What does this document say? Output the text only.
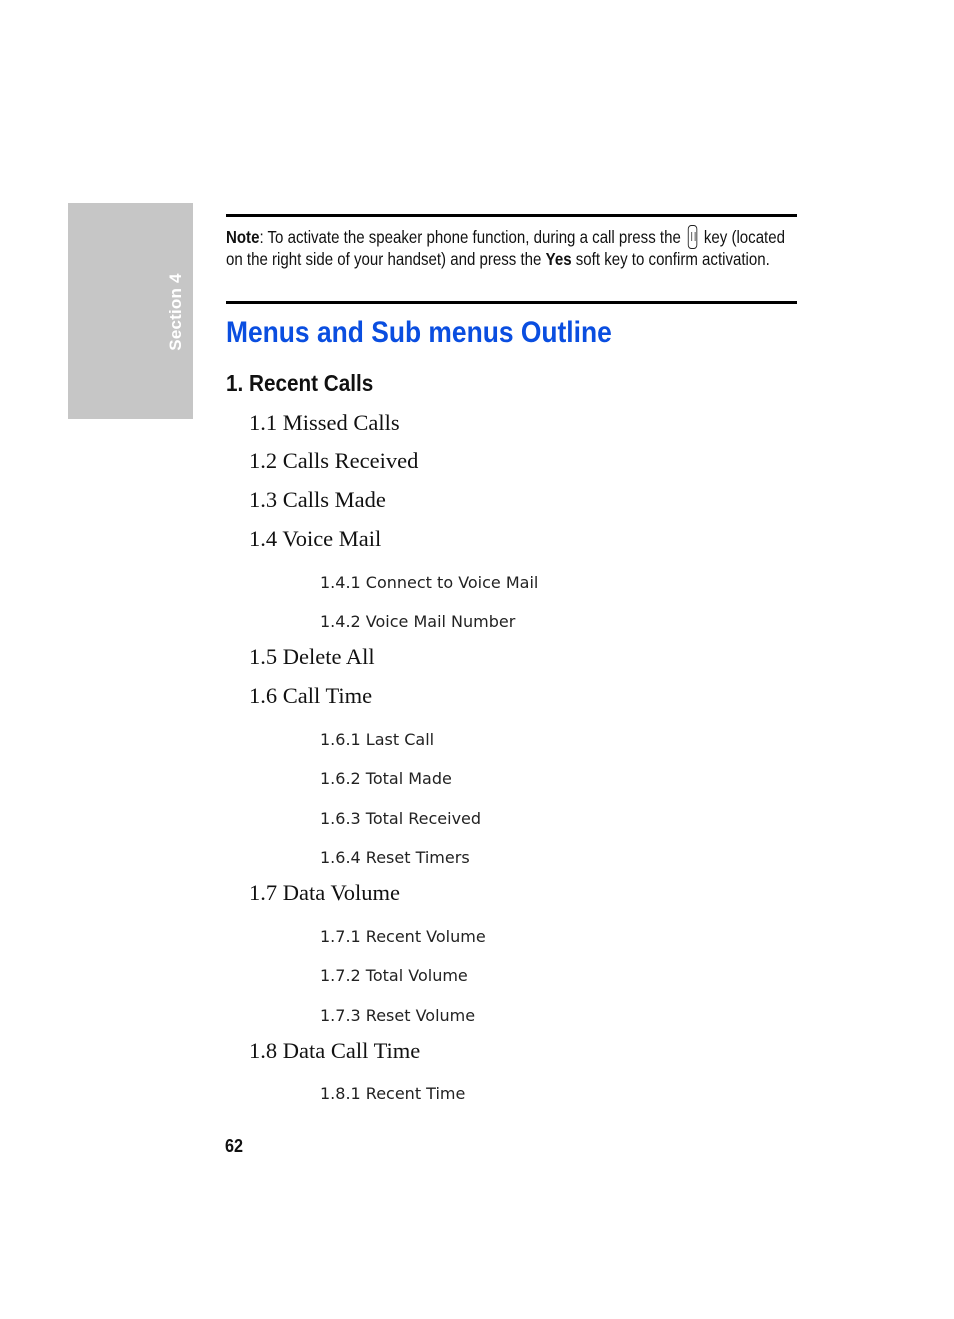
Section 4
Note: To activate the speaker phone function, during a call press the key (located on the right side of your handset) and press the Yes soft key to confirm activation.
Menus and Sub menus Outline
1. Recent Calls
1.1 Missed Calls
1.2 Calls Received
1.3 Calls Made
1.4 Voice Mail
1.4.1 Connect to Voice Mail
1.4.2 Voice Mail Number
1.5 Delete All
1.6 Call Time
1.6.1 Last Call
1.6.2 Total Made
1.6.3 Total Received
1.6.4 Reset Timers
1.7 Data Volume
1.7.1 Recent Volume
1.7.2 Total Volume
1.7.3 Reset Volume
1.8 Data Call Time
1.8.1 Recent Time
62
